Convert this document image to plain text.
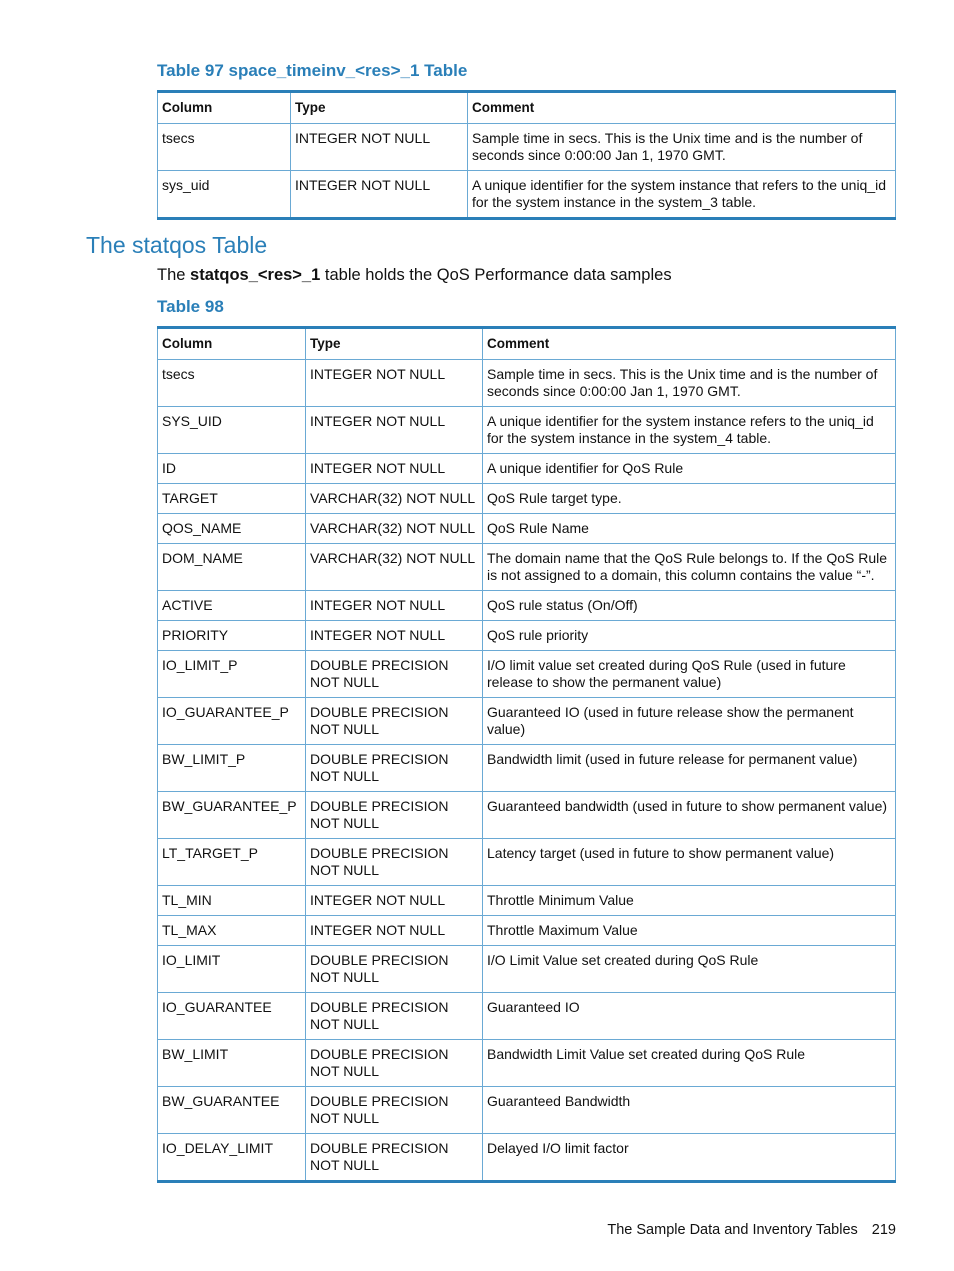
Table 97 space_timeinv_<res>_1 Table

Column	Type	Comment
tsecs	INTEGER NOT NULL	Sample time in secs. This is the Unix time and is the number of seconds since 0:00:00 Jan 1, 1970 GMT.
sys_uid	INTEGER NOT NULL	A unique identifier for the system instance that refers to the uniq_id for the system instance in the system_3 table.
The statqos Table

The statqos_<res>_1 table holds the QoS Performance data samples

Table 98

Column	Type	Comment
tsecs	INTEGER NOT NULL	Sample time in secs. This is the Unix time and is the number of seconds since 0:00:00 Jan 1, 1970 GMT.
SYS_UID	INTEGER NOT NULL	A unique identifier for the system instance refers to the uniq_id for the system instance in the system_4 table.
ID	INTEGER NOT NULL	A unique identifier for QoS Rule
TARGET	VARCHAR(32) NOT NULL	QoS Rule target type.
QOS_NAME	VARCHAR(32) NOT NULL	QoS Rule Name
DOM_NAME	VARCHAR(32) NOT NULL	The domain name that the QoS Rule belongs to. If the QoS Rule is not assigned to a domain, this column contains the value “-”.
ACTIVE	INTEGER NOT NULL	QoS rule status (On/Off)
PRIORITY	INTEGER NOT NULL	QoS rule priority
IO_LIMIT_P	DOUBLE PRECISION NOT NULL	I/O limit value set created during QoS Rule (used in future release to show the permanent value)
IO_GUARANTEE_P	DOUBLE PRECISION NOT NULL	Guaranteed IO (used in future release show the permanent value)
BW_LIMIT_P	DOUBLE PRECISION NOT NULL	Bandwidth limit (used in future release for permanent value)
BW_GUARANTEE_P	DOUBLE PRECISION NOT NULL	Guaranteed bandwidth (used in future to show permanent value)
LT_TARGET_P	DOUBLE PRECISION NOT NULL	Latency target (used in future to show permanent value)
TL_MIN	INTEGER NOT NULL	Throttle Minimum Value
TL_MAX	INTEGER NOT NULL	Throttle Maximum Value
IO_LIMIT	DOUBLE PRECISION NOT NULL	I/O Limit Value set created during QoS Rule
IO_GUARANTEE	DOUBLE PRECISION NOT NULL	Guaranteed IO
BW_LIMIT	DOUBLE PRECISION NOT NULL	Bandwidth Limit Value set created during QoS Rule
BW_GUARANTEE	DOUBLE PRECISION NOT NULL	Guaranteed Bandwidth
IO_DELAY_LIMIT	DOUBLE PRECISION NOT NULL	Delayed I/O limit factor
The Sample Data and Inventory Tables 219
